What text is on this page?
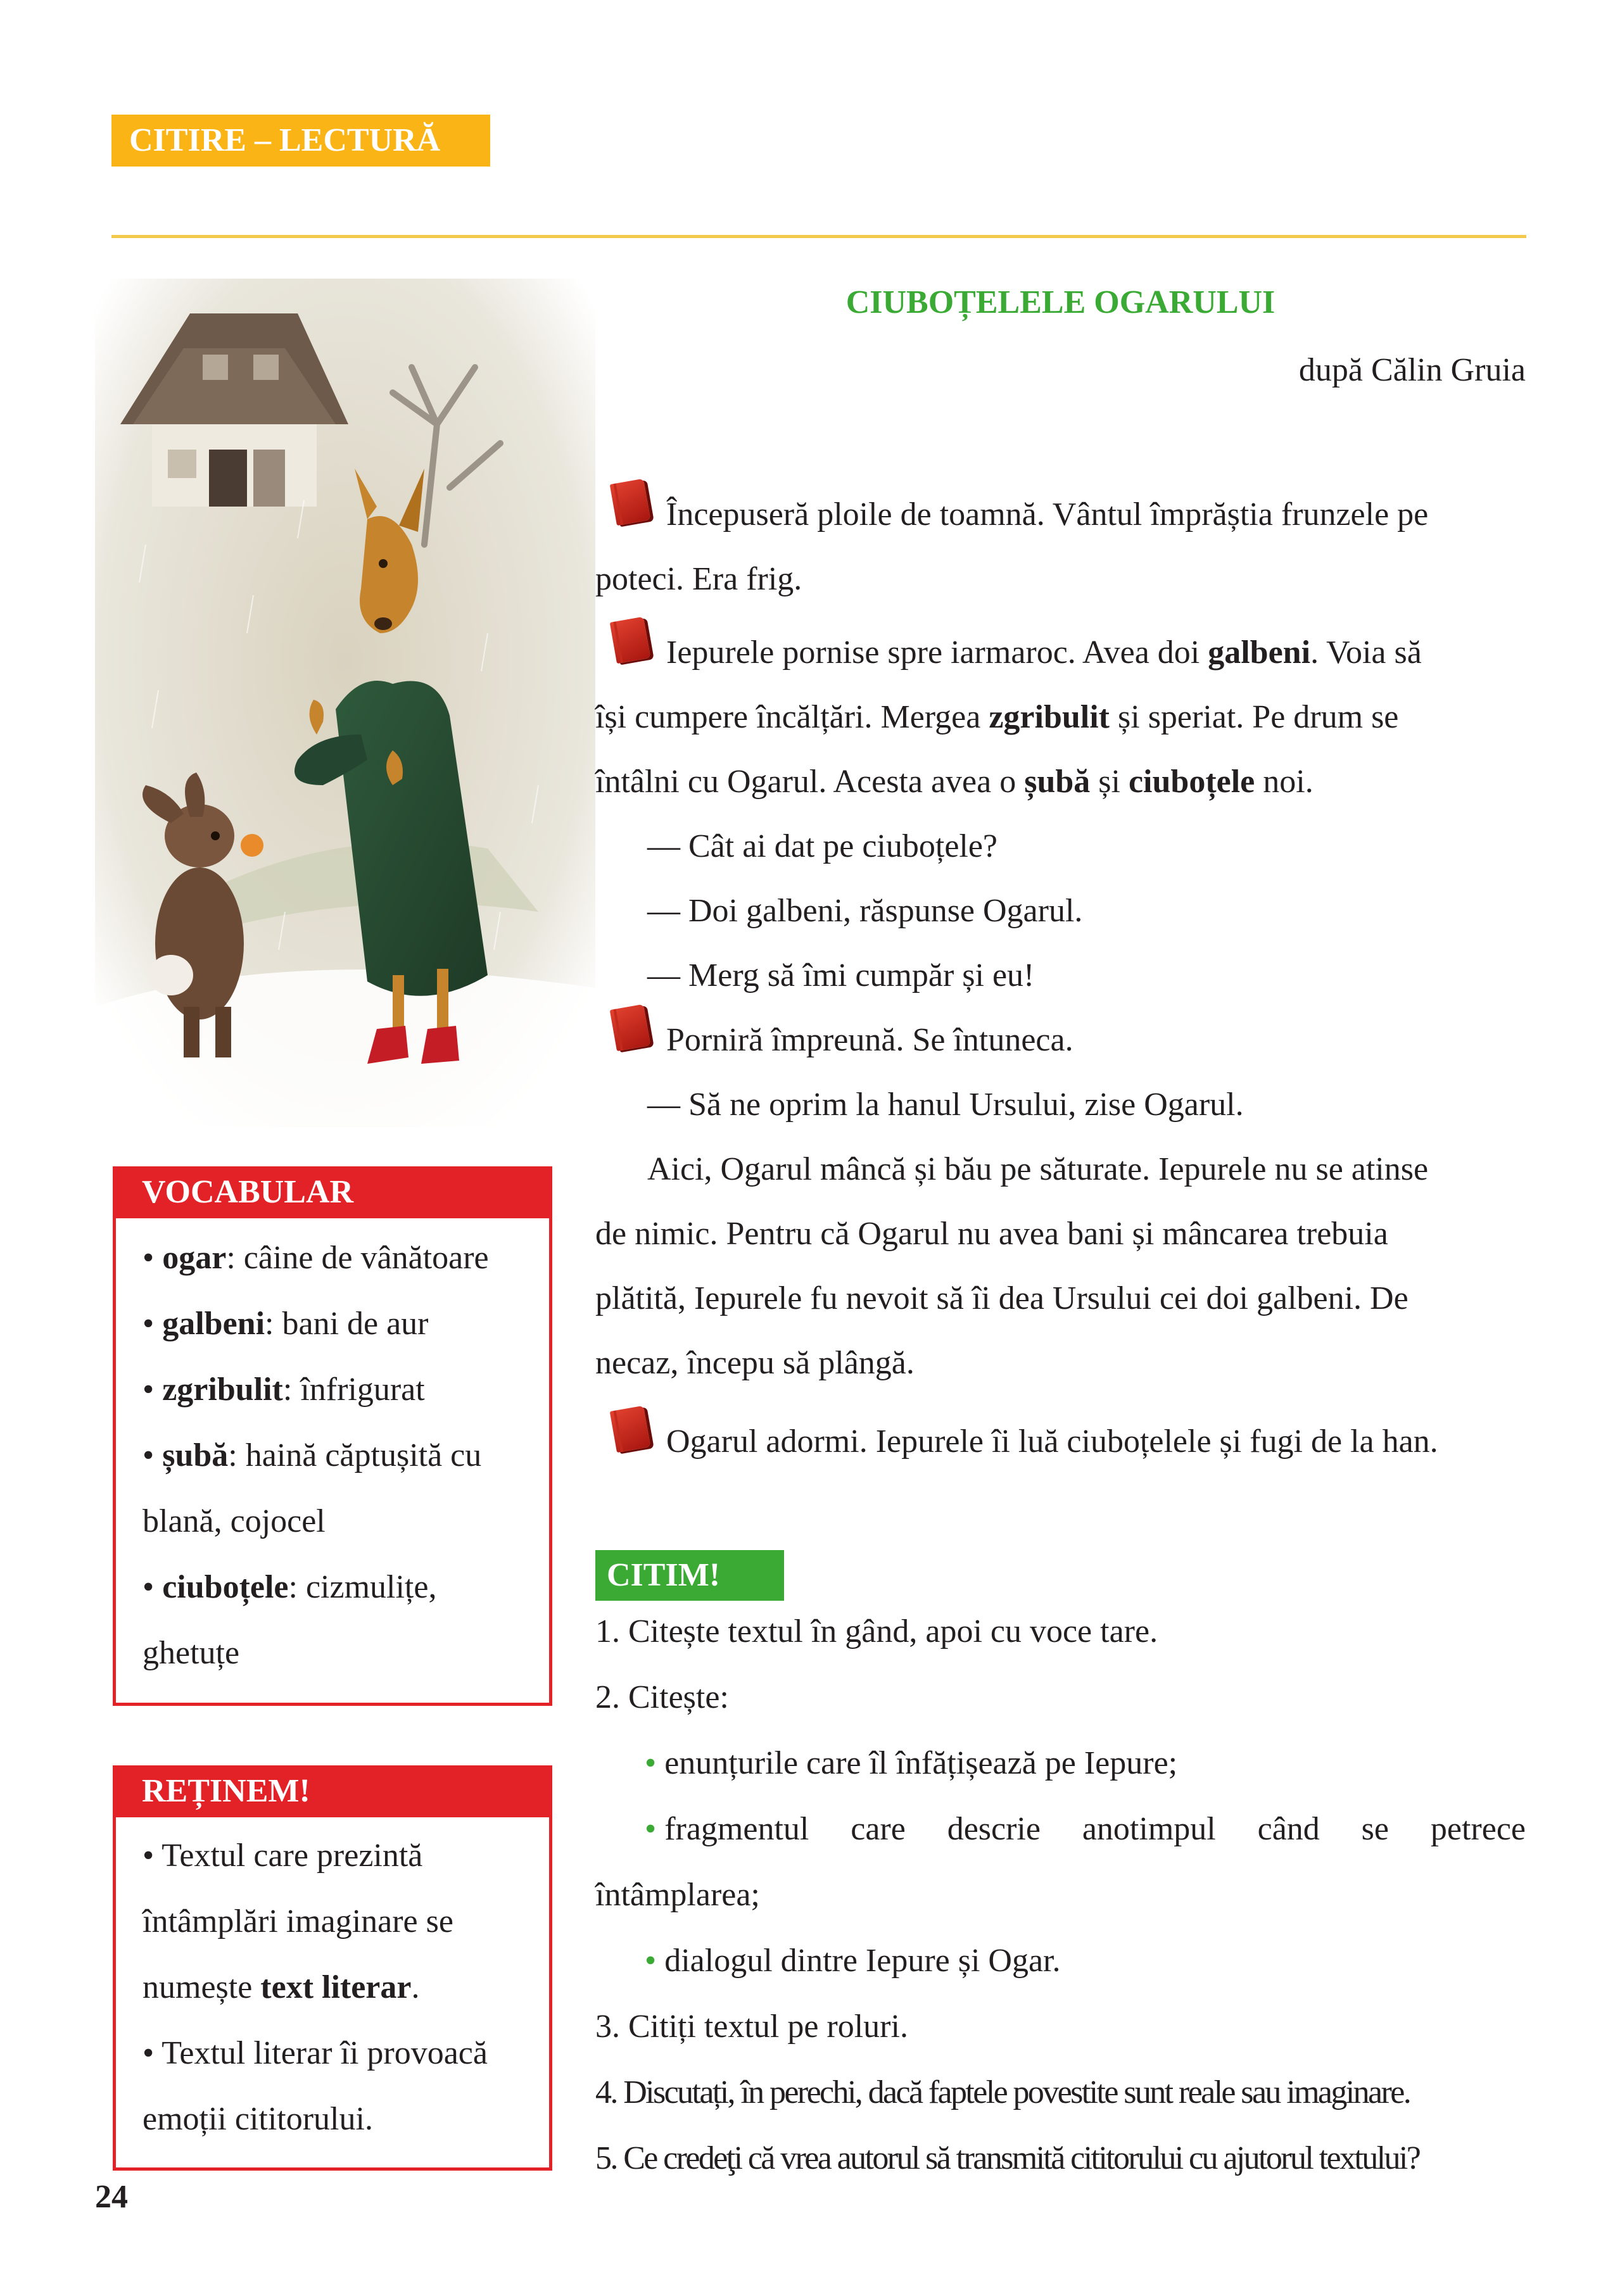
CITIRE – LECTURĂ
CIUBOȚELELE OGARULUI
după Călin Gruia
Începuseră ploile de toamnă. Vântul împrăștia frunzele pe
poteci. Era frig.
Iepurele pornise spre iarmaroc. Avea doi galbeni. Voia să
își cumpere încălțări. Mergea zgribulit și speriat. Pe drum se
întâlni cu Ogarul. Acesta avea o șubă și ciuboțele noi.
— Cât ai dat pe ciuboțele?
— Doi galbeni, răspunse Ogarul.
— Merg să îmi cumpăr și eu!
Porniră împreună. Se întuneca.
— Să ne oprim la hanul Ursului, zise Ogarul.
Aici, Ogarul mâncă și bău pe săturate. Iepurele nu se atinse
de nimic. Pentru că Ogarul nu avea bani și mâncarea trebuia
plătită, Iepurele fu nevoit să îi dea Ursului cei doi galbeni. De
necaz, începu să plângă.
Ogarul adormi. Iepurele îi luă ciuboțelele și fugi de la han.
VOCABULAR
• ogar: câine de vânătoare
• galbeni: bani de aur
• zgribulit: înfrigurat
• șubă: haină căptușită cu
blană, cojocel
• ciuboțele: cizmulițe,
ghetuțe
REȚINEM!
• Textul care prezintă
întâmplări imaginare se
numește text literar.
• Textul literar îi provoacă
emoții cititorului.
CITIM!
1. Citește textul în gând, apoi cu voce tare.
2. Citește:
• enunțurile care îl înfățișează pe Iepure;
• fragmentul care descrie anotimpul când se petrece
întâmplarea;
• dialogul dintre Iepure și Ogar.
3. Citiți textul pe roluri.
4. Discutați, în perechi, dacă faptele povestite sunt reale sau imaginare.
5. Ce credeţi că vrea autorul să transmită cititorului cu ajutorul textului?
24
